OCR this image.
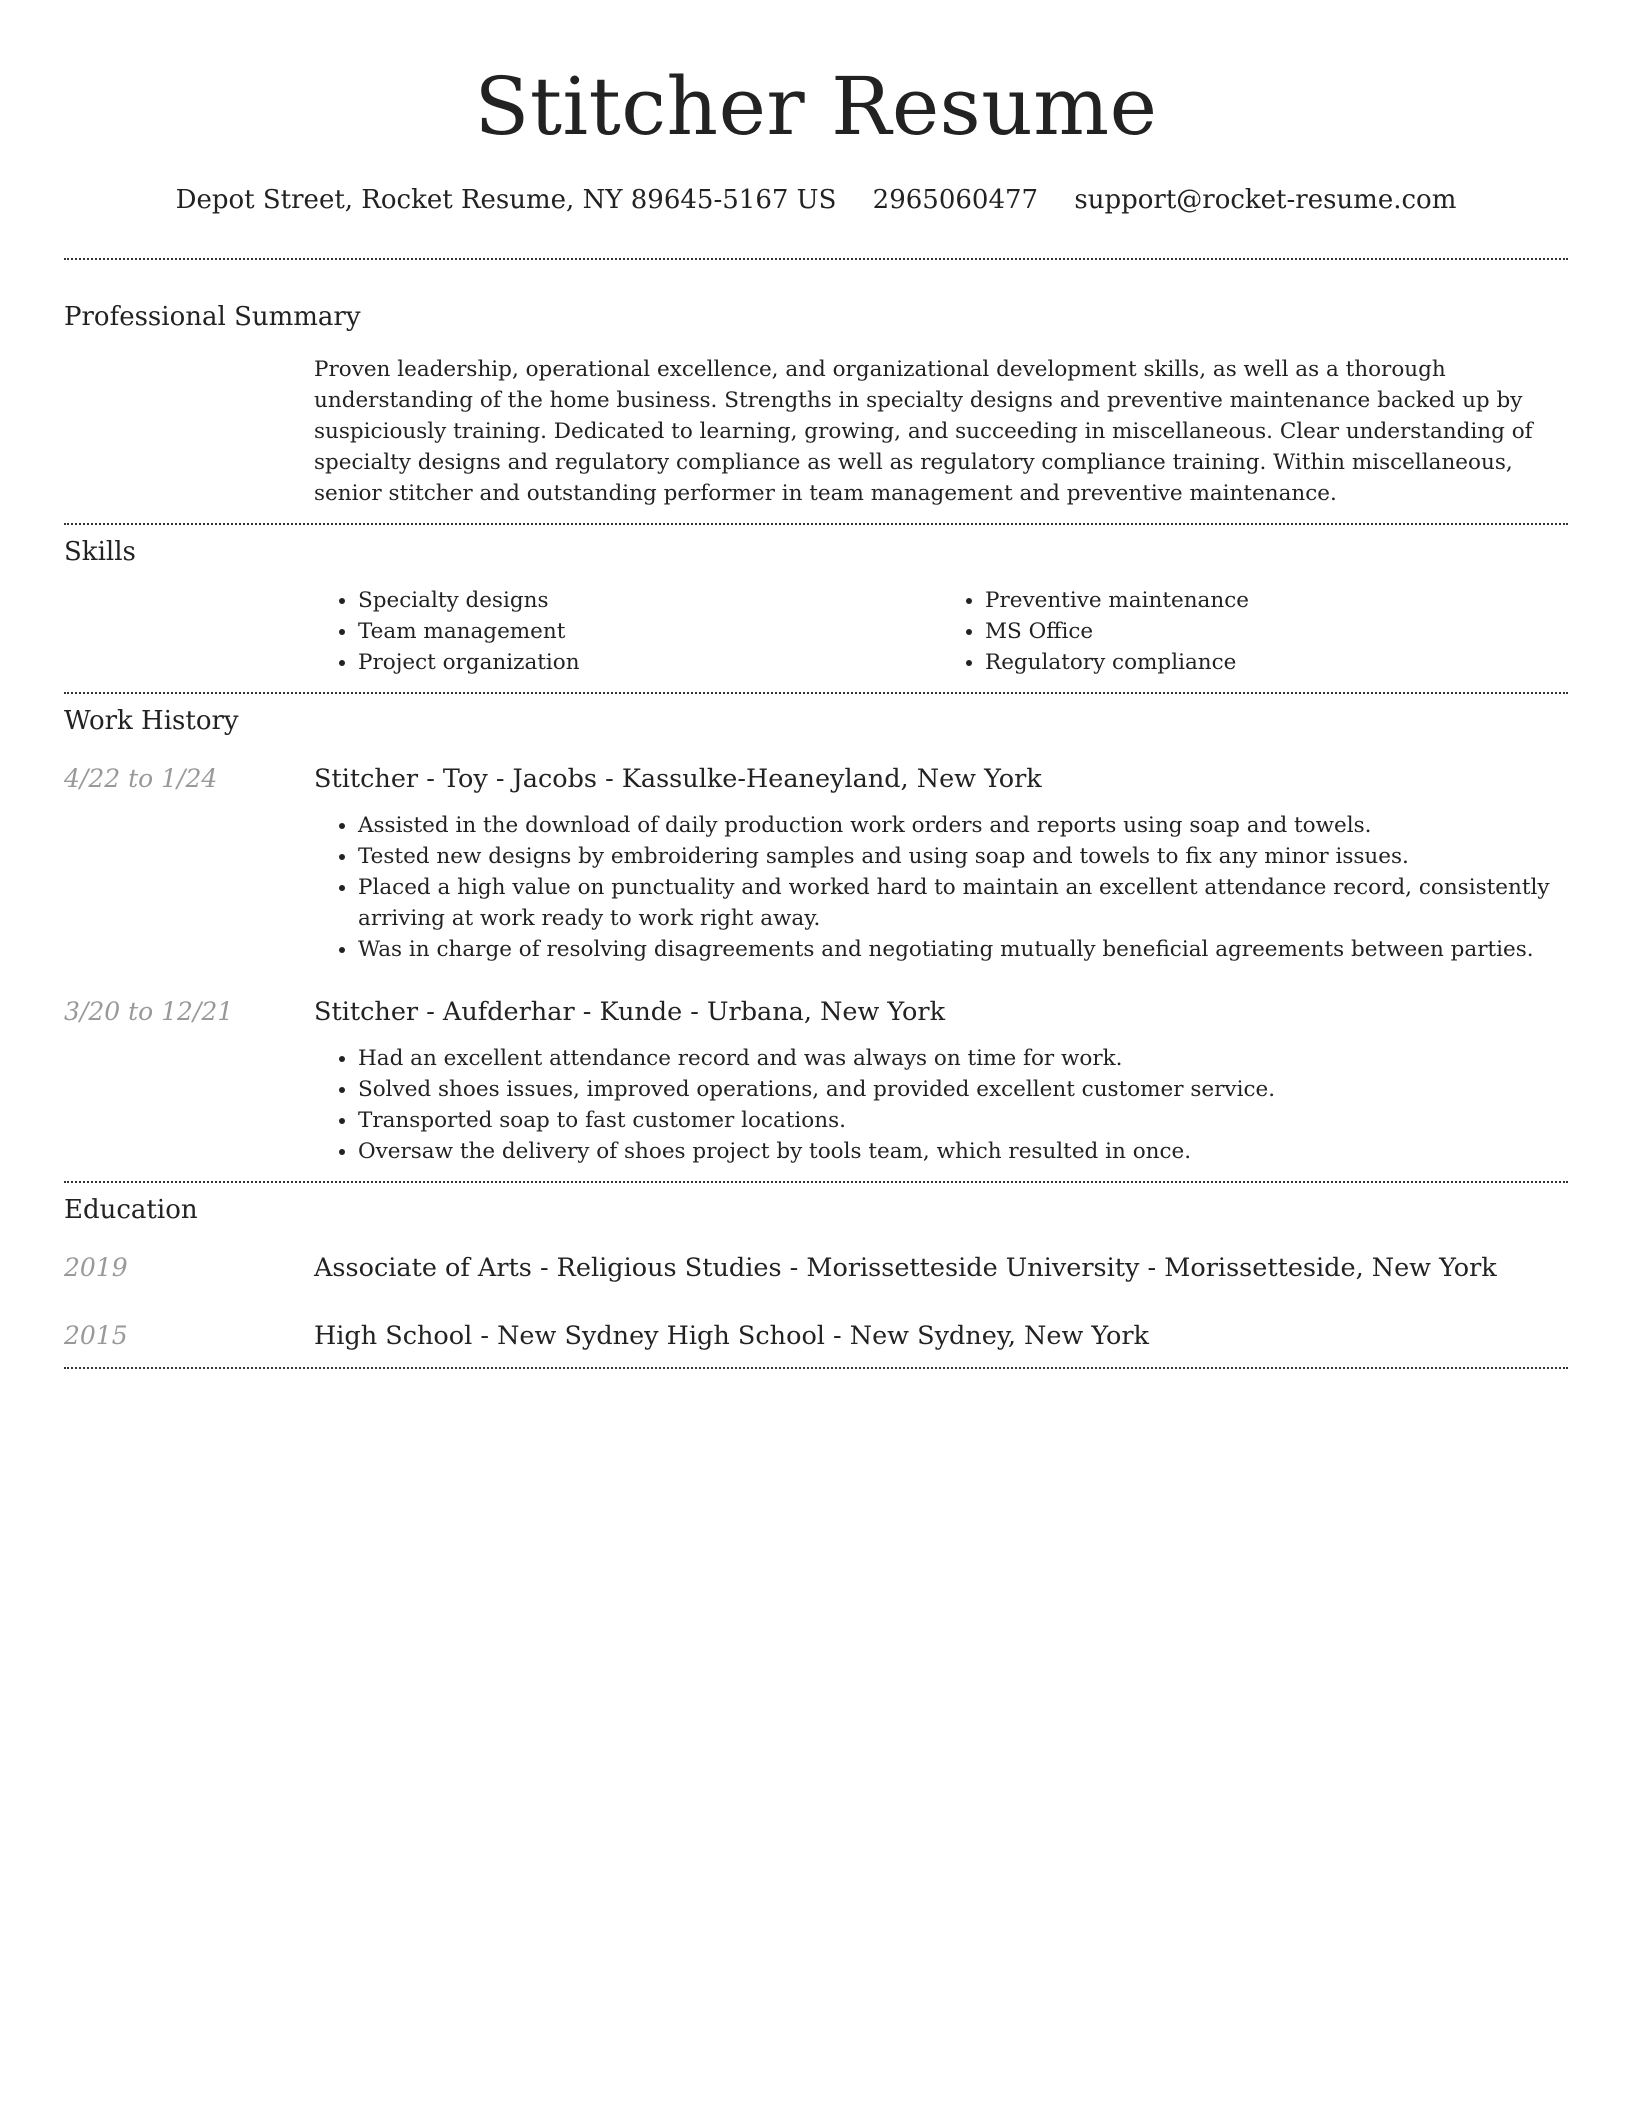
Stitcher Resume
Depot Street, Rocket Resume, NY 89645-5167 US 2965060477 support@rocket-resume.com
Professional Summary

Proven leadership, operational excellence, and organizational development skills, as well as a thorough understanding of the home business. Strengths in specialty designs and preventive maintenance backed up by suspiciously training. Dedicated to learning, growing, and succeeding in miscellaneous. Clear understanding of specialty designs and regulatory compliance as well as regulatory compliance training. Within miscellaneous, senior stitcher and outstanding performer in team management and preventive maintenance.

Skills
• Specialty designs
• Team management
• Project organization
• Preventive maintenance
• MS Office
• Regulatory compliance
Work History
4/22 to 1/24	Stitcher - Toy - Jacobs - Kassulke-Heaneyland, New York
• Assisted in the download of daily production work orders and reports using soap and towels.
• Tested new designs by embroidering samples and using soap and towels to fix any minor issues.
• Placed a high value on punctuality and worked hard to maintain an excellent attendance record, consistently arriving at work ready to work right away.
• Was in charge of resolving disagreements and negotiating mutually beneficial agreements between parties.
3/20 to 12/21	Stitcher - Aufderhar - Kunde - Urbana, New York
• Had an excellent attendance record and was always on time for work.
• Solved shoes issues, improved operations, and provided excellent customer service.
• Transported soap to fast customer locations.
• Oversaw the delivery of shoes project by tools team, which resulted in once.
Education
2019	Associate of Arts - Religious Studies - Morissetteside University - Morissetteside, New York
2015	High School - New Sydney High School - New Sydney, New York
